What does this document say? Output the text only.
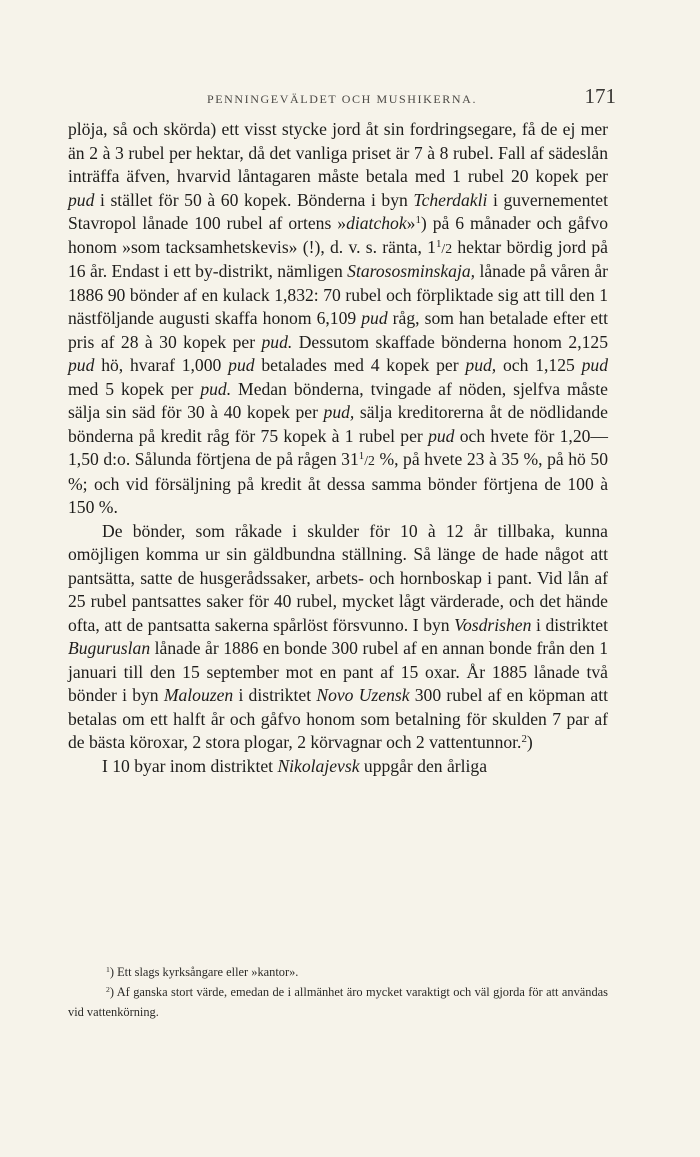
PENNINGEVÄLDET OCH MUSHIKERNA.	171

plöja, så och skörda) ett visst stycke jord åt sin fordringsegare, få de ej mer än 2 à 3 rubel per hektar, då det vanliga priset är 7 à 8 rubel. Fall af sädeslån inträffa äfven, hvarvid låntagaren måste betala med 1 rubel 20 kopek per pud i stället för 50 à 60 kopek. Bönderna i byn Tcherdakli i guvernementet Stavropol lånade 100 rubel af ortens »diatchok»$^1$) på 6 månader och gåfvo honom »som tacksamhetskevis» (!), d. v. s. ränta, $1^1/2$ hektar bördig jord på 16 år. Endast i ett by-distrikt, nämligen Starososminskaja, lånade på våren år 1886 90 bönder af en kulack 1,832: 70 rubel och förpliktade sig att till den 1 nästföljande augusti skaffa honom 6,109 pud råg, som han betalade efter ett pris af 28 à 30 kopek per pud. Dessutom skaffade bönderna honom 2,125 pud hö, hvaraf 1,000 pud betalades med 4 kopek per pud, och 1,125 pud med 5 kopek per pud. Medan bönderna, tvingade af nöden, sjelfva måste sälja sin säd för 30 à 40 kopek per pud, sälja kreditorerna åt de nödlidande bönderna på kredit råg för 75 kopek à 1 rubel per pud och hvete för 1,20—1,50 d:o. Sålunda förtjena de på rågen $31^1/2$ %, på hvete 23 à 35 %, på hö 50 %; och vid försäljning på kredit åt dessa samma bönder förtjena de 100 à 150 %.

De bönder, som råkade i skulder för 10 à 12 år tillbaka, kunna omöjligen komma ur sin gäldbundna ställning. Så länge de hade något att pantsätta, satte de husgerådssaker, arbets- och hornboskap i pant. Vid lån af 25 rubel pantsattes saker för 40 rubel, mycket lågt värderade, och det hände ofta, att de pantsatta sakerna spårlöst försvunno. I byn Vosdrishen i distriktet Buguruslan lånade år 1886 en bonde 300 rubel af en annan bonde från den 1 januari till den 15 september mot en pant af 15 oxar. År 1885 lånade två bönder i byn Malouzen i distriktet Novo Uzensk 300 rubel af en köpman att betalas om ett halft år och gåfvo honom som betalning för skulden 7 par af de bästa köroxar, 2 stora plogar, 2 körvagnar och 2 vattentunnor.$^2$)

I 10 byar inom distriktet Nikolajevsk uppgår den årliga

$^1$) Ett slags kyrksångare eller »kantor».

$^2$) Af ganska stort värde, emedan de i allmänhet äro mycket varaktigt och väl gjorda för att användas vid vattenkörning.
